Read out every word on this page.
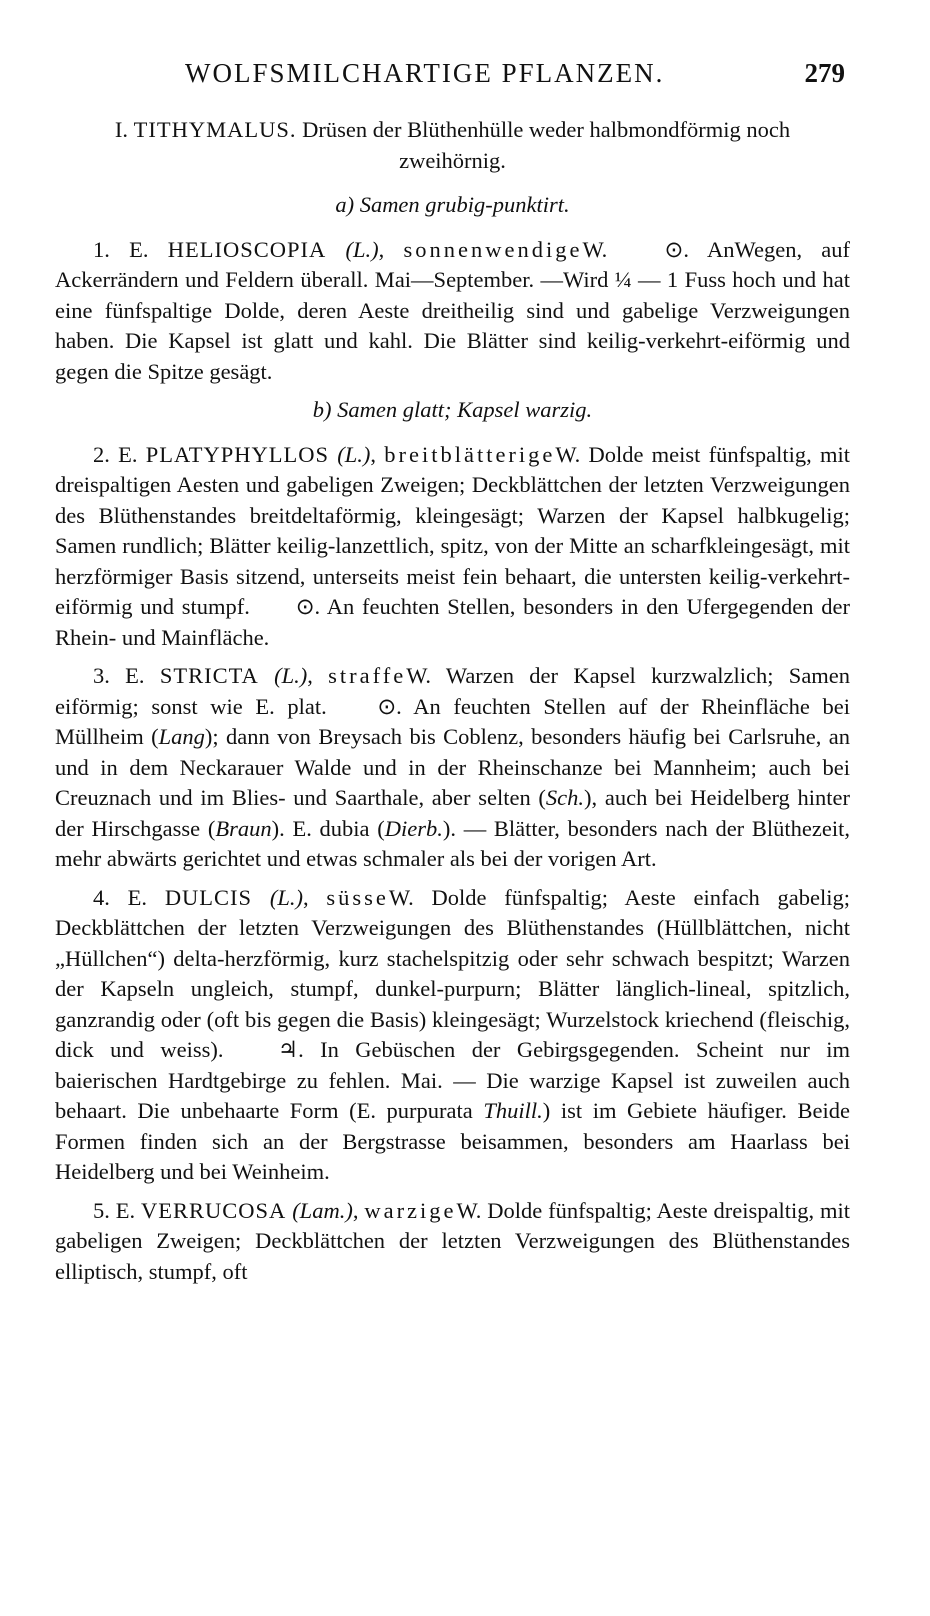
WOLFSMILCHARTIGE PFLANZEN.	279

I. TITHYMALUS. Drüsen der Blüthenhülle weder halbmondförmig noch zweihörnig.

a) Samen grubig-punktirt.

1. E. HELIOSCOPIA (L.), sonnenwendigeW.	⊙. AnWegen, auf Ackerrändern und Feldern überall. Mai—September. —Wird ¼ — 1 Fuss hoch und hat eine fünfspaltige Dolde, deren Aeste dreitheilig sind und gabelige Verzweigungen haben. Die Kapsel ist glatt und kahl. Die Blätter sind keilig-verkehrt-eiförmig und gegen die Spitze gesägt.

b) Samen glatt; Kapsel warzig.

2. E. PLATYPHYLLOS (L.), breitblätterigeW. Dolde meist fünfspaltig, mit dreispaltigen Aesten und gabeligen Zweigen; Deckblättchen der letzten Verzweigungen des Blüthenstandes breitdeltaförmig, kleingesägt; Warzen der Kapsel halbkugelig; Samen rundlich; Blätter keilig-lanzettlich, spitz, von der Mitte an scharfkleingesägt, mit herzförmiger Basis sitzend, unterseits meist fein behaart, die untersten keilig-verkehrt-eiförmig und stumpf. ⊙. An feuchten Stellen, besonders in den Ufergegenden der Rhein- und Mainfläche.

3. E. STRICTA (L.), straffeW. Warzen der Kapsel kurzwalzlich; Samen eiförmig; sonst wie E. plat. ⊙. An feuchten Stellen auf der Rheinfläche bei Müllheim (Lang); dann von Breysach bis Coblenz, besonders häufig bei Carlsruhe, an und in dem Neckarauer Walde und in der Rheinschanze bei Mannheim; auch bei Creuznach und im Blies- und Saarthale, aber selten (Sch.), auch bei Heidelberg hinter der Hirschgasse (Braun). E. dubia (Dierb.). — Blätter, besonders nach der Blüthezeit, mehr abwärts gerichtet und etwas schmaler als bei der vorigen Art.

4. E. DULCIS (L.), süsseW. Dolde fünfspaltig; Aeste einfach gabelig; Deckblättchen der letzten Verzweigungen des Blüthenstandes (Hüllblättchen, nicht „Hüllchen“) delta-herzförmig, kurz stachelspitzig oder sehr schwach bespitzt; Warzen der Kapseln ungleich, stumpf, dunkel-purpurn; Blätter länglich-lineal, spitzlich, ganzrandig oder (oft bis gegen die Basis) kleingesägt; Wurzelstock kriechend (fleischig, dick und weiss). ♃. In Gebüschen der Gebirgsgegenden. Scheint nur im baierischen Hardtgebirge zu fehlen. Mai. — Die warzige Kapsel ist zuweilen auch behaart. Die unbehaarte Form (E. purpurata Thuill.) ist im Gebiete häufiger. Beide Formen finden sich an der Bergstrasse beisammen, besonders am Haarlass bei Heidelberg und bei Weinheim.

5. E. VERRUCOSA (Lam.), warzigeW. Dolde fünfspaltig; Aeste dreispaltig, mit gabeligen Zweigen; Deckblättchen der letzten Verzweigungen des Blüthenstandes elliptisch, stumpf, oft
